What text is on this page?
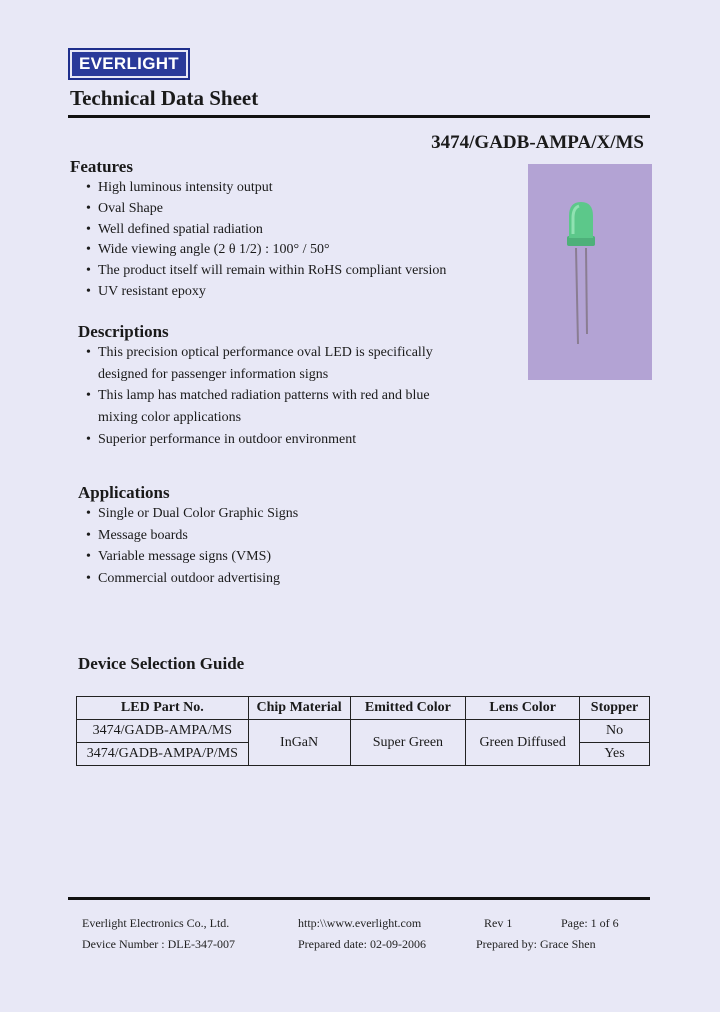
EVERLIGHT
Technical Data Sheet
3474/GADB-AMPA/X/MS
Features
• High luminous intensity output
• Oval Shape
• Well defined spatial radiation
• Wide viewing angle (2 θ 1/2) : 100° / 50°
• The product itself will remain within RoHS compliant version
• UV resistant epoxy
Descriptions
• This precision optical performance oval LED is specifically
designed for passenger information signs
• This lamp has matched radiation patterns with red and blue
mixing color applications
• Superior performance in outdoor environment
Applications
• Single or Dual Color Graphic Signs
• Message boards
• Variable message signs (VMS)
• Commercial outdoor advertising
Device Selection Guide
LED Part No.	Chip Material	Emitted Color	Lens Color	Stopper
3474/GADB-AMPA/MS	InGaN	Super Green	Green Diffused	No
3474/GADB-AMPA/P/MS				Yes
Everlight Electronics Co., Ltd.	http:\\www.everlight.com	Rev 1	Page: 1 of 6
Device Number : DLE-347-007	Prepared date: 02-09-2006	Prepared by: Grace Shen
